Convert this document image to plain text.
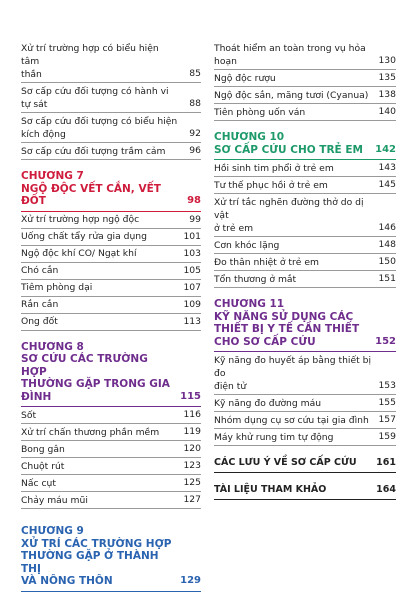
Xử trí trường hợp có biểu hiện tâm
thần	85
Sơ cấp cứu đối tượng có hành vi
tự sát	88
Sơ cấp cứu đối tượng có biểu hiện
kích động	92
Sơ cấp cứu đối tượng trầm cảm	96
CHƯƠNG 7
NGỘ ĐỘC VẾT CẮN, VẾT
ĐỐT	98
Xử trí trường hợp ngộ độc	99
Uống chất tẩy rửa gia dụng	101
Ngộ độc khí CO/ Ngạt khí	103
Chó cắn	105
Tiêm phòng dại	107
Rắn cắn	109
Ong đốt	113
CHƯƠNG 8
SƠ CỨU CÁC TRƯỜNG HỢP
THƯỜNG GẶP TRONG GIA
ĐÌNH	115
Sốt	116
Xử trí chấn thương phần mềm	119
Bong gân	120
Chuột rút	123
Nấc cụt	125
Chảy máu mũi	127
CHƯƠNG 9
XỬ TRÍ CÁC TRƯỜNG HỢP
THƯỜNG GẶP Ở THÀNH THỊ
VÀ NÔNG THÔN	129
Thoát hiểm an toàn trong vụ hỏa hoạn	130
Ngộ độc rượu	135
Ngộ độc sắn, măng tươi (Cyanua)	138
Tiên phòng uốn ván	140
CHƯƠNG 10
SƠ CẤP CỨU CHO TRẺ EM	142
Hồi sinh tim phổi ở trẻ em	143
Tư thế phục hồi ở trẻ em	145
Xử trí tắc nghẽn đường thở do dị vật
ở trẻ em	146
Cơn khóc lặng	148
Đo thân nhiệt ở trẻ em	150
Tổn thương ở mắt	151
CHƯƠNG 11
KỸ NĂNG SỬ DỤNG CÁC
THIẾT BỊ Y TẾ CẦN THIẾT
CHO SƠ CẤP CỨU	152
Kỹ năng đo huyết áp bằng thiết bị đo
điện tử	153
Kỹ năng đo đường máu	155
Nhóm dụng cụ sơ cứu tại gia đình	157
Máy khử rung tim tự động	159
CÁC LƯU Ý VỀ SƠ CẤP CỨU 161
TÀI LIỆU THAM KHẢO	164
